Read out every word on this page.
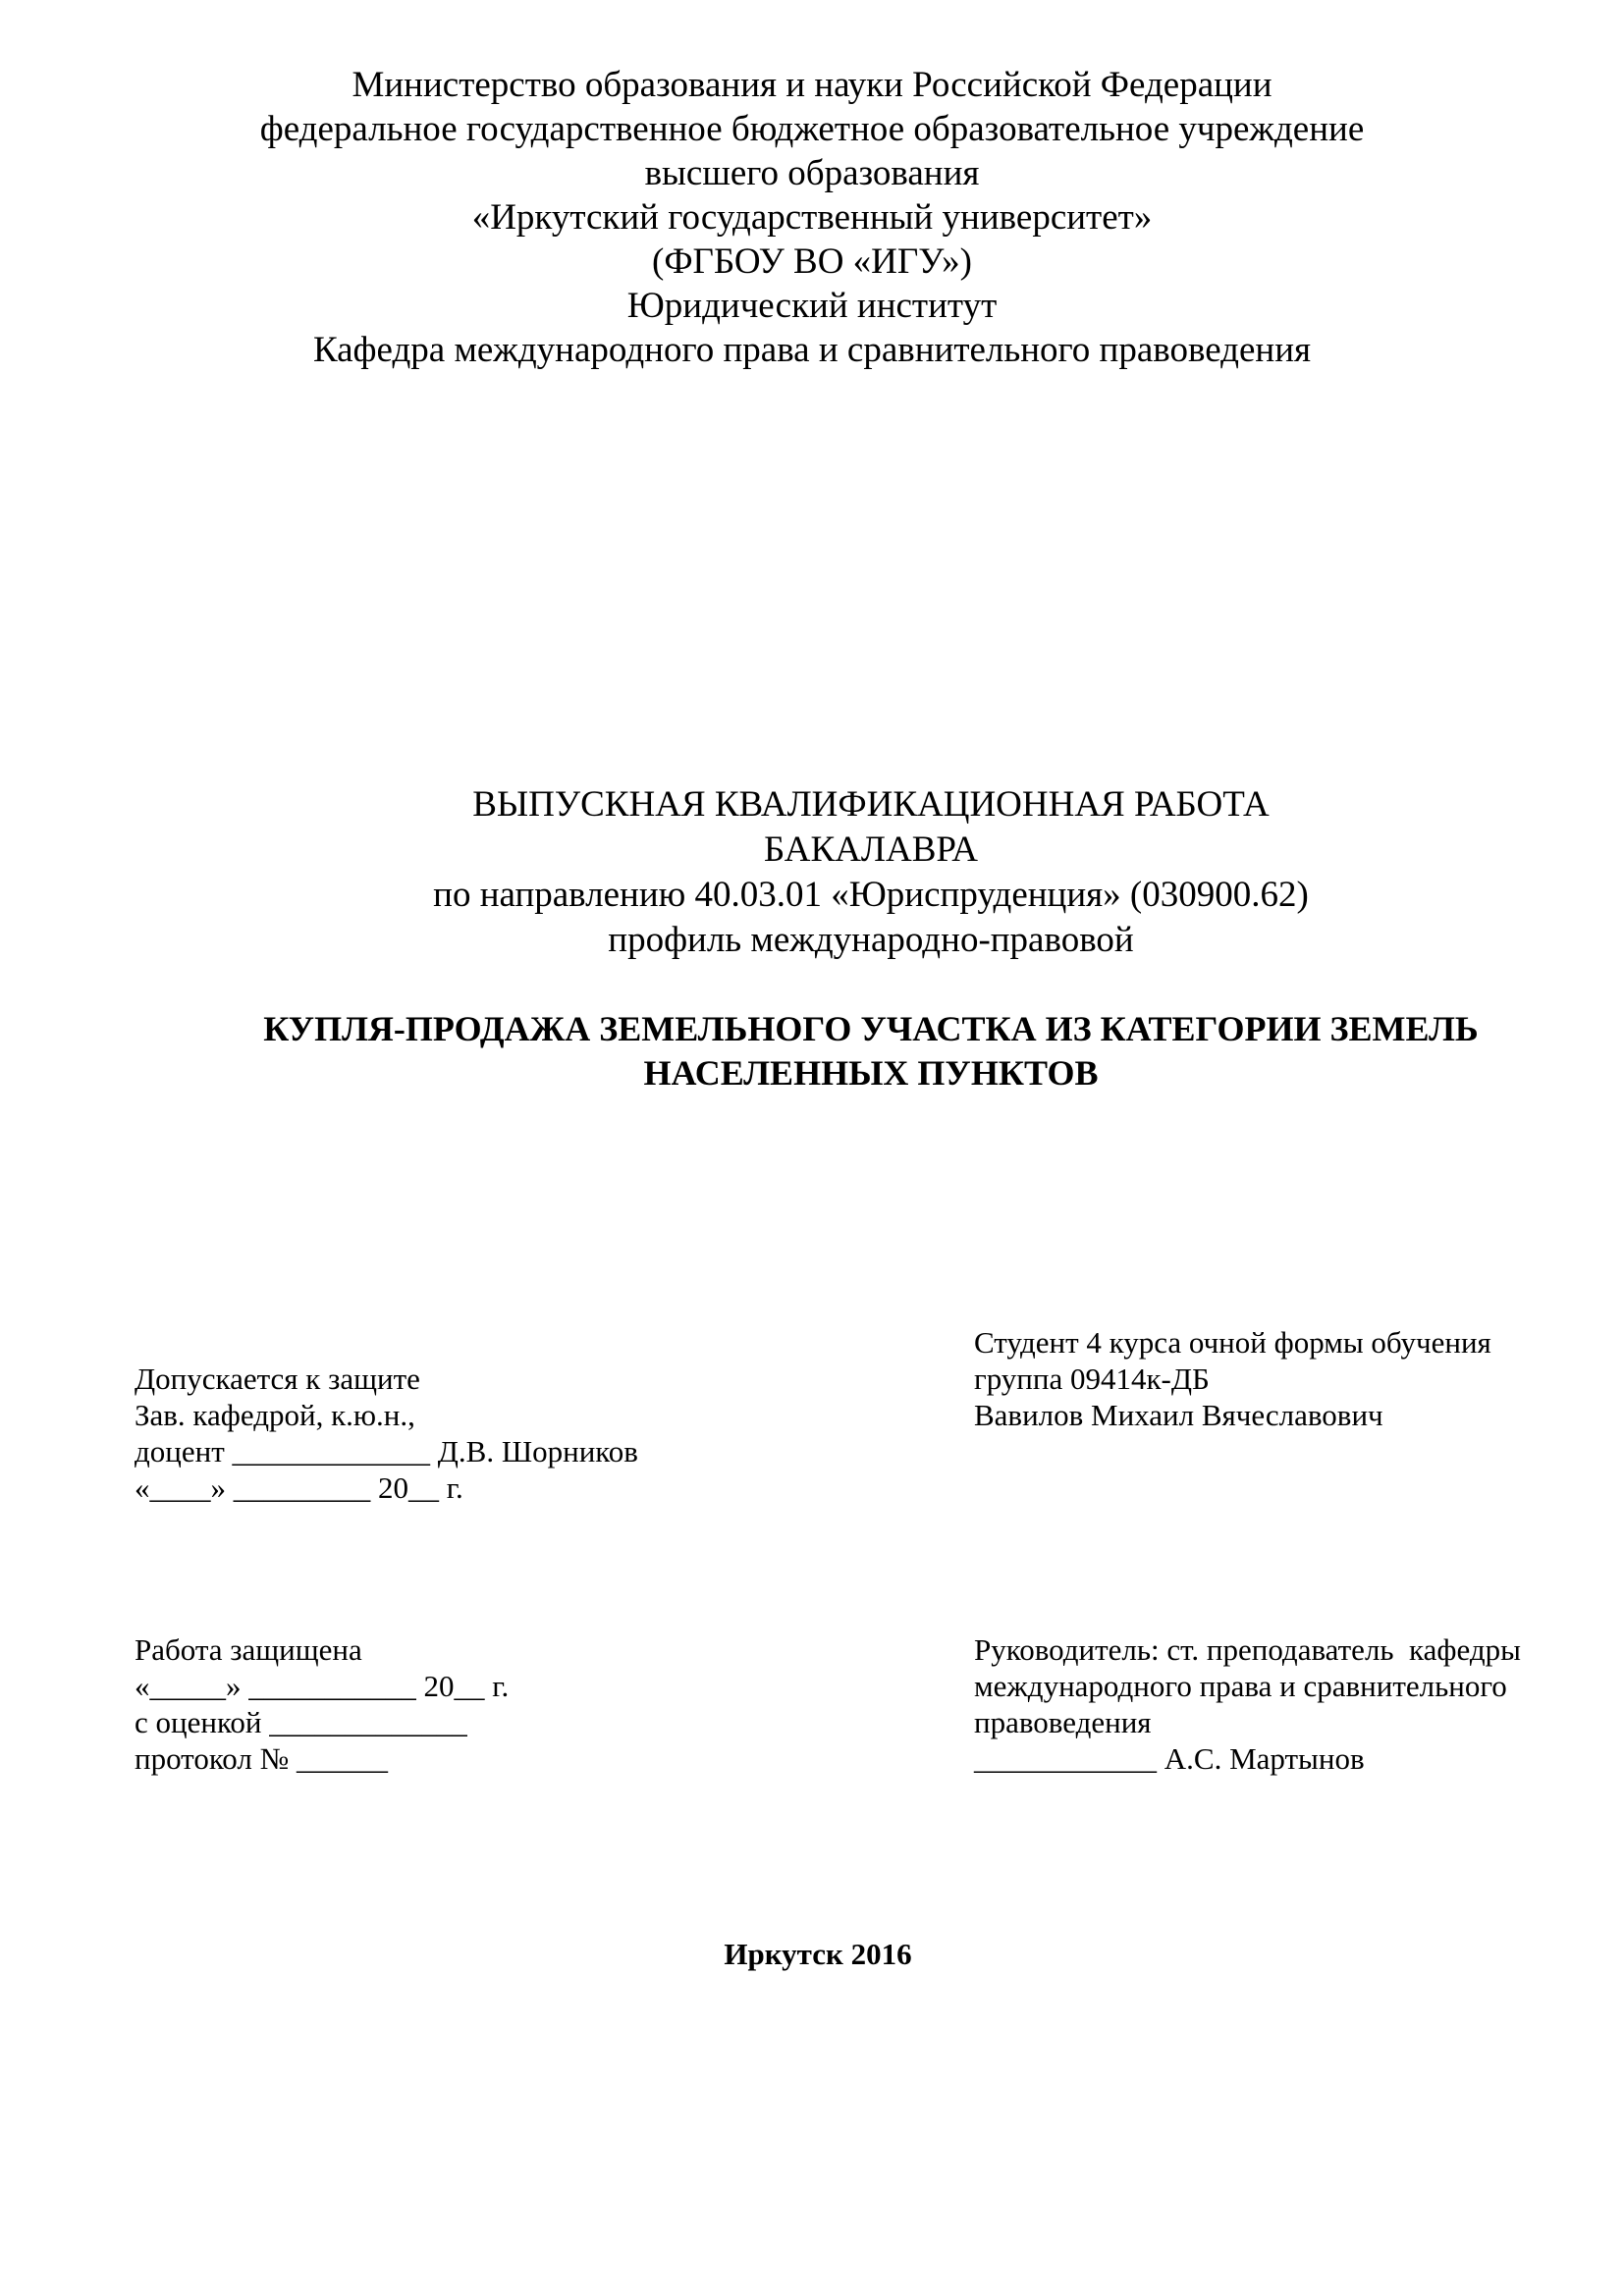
Министерство образования и науки Российской Федерации
федеральное государственное бюджетное образовательное учреждение
высшего образования
«Иркутский государственный университет»
(ФГБОУ ВО «ИГУ»)
Юридический институт
Кафедра международного права и сравнительного правоведения
ВЫПУСКНАЯ КВАЛИФИКАЦИОННАЯ РАБОТА
БАКАЛАВРА
по направлению 40.03.01 «Юриспруденция» (030900.62)
профиль международно-правовой
КУПЛЯ-ПРОДАЖА ЗЕМЕЛЬНОГО УЧАСТКА ИЗ КАТЕГОРИИ ЗЕМЕЛЬ
НАСЕЛЕННЫХ ПУНКТОВ
Допускается к защите
Зав. кафедрой, к.ю.н.,
доцент _____________ Д.В. Шорников
«____» _________ 20__ г.
Студент 4 курса очной формы обучения
группа 09414к-ДБ
Вавилов Михаил Вячеславович
Работа защищена
«_____» ___________ 20__ г.
с оценкой _____________
протокол № ______
Руководитель: ст. преподаватель  кафедры
международного права и сравнительного
правоведения
____________ А.С. Мартынов
Иркутск 2016
